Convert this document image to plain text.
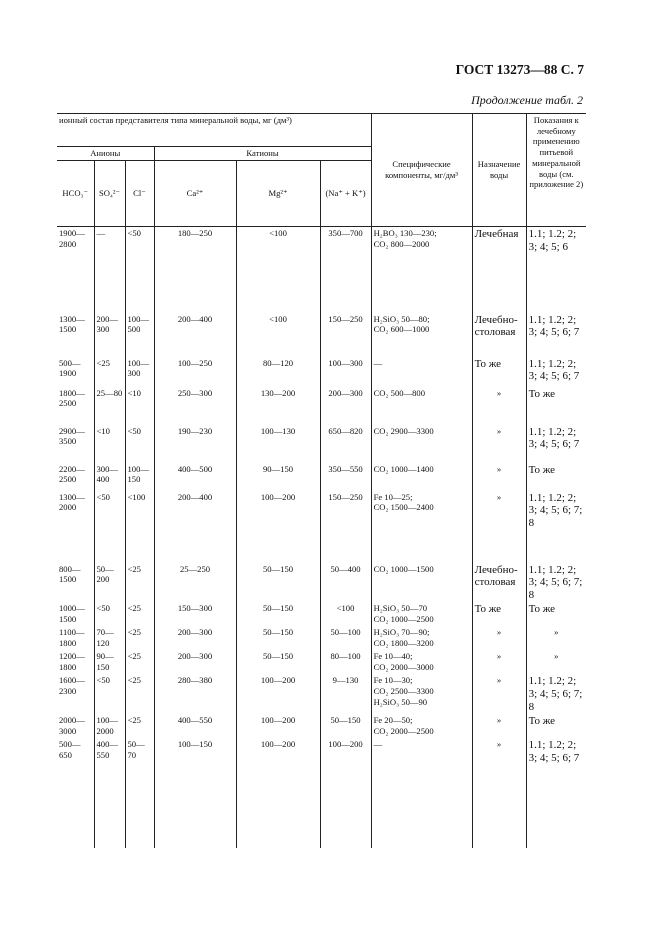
ГОСТ 13273—88 С. 7
Продолжение табл. 2
ионный состав представителя типа минеральной воды, мг (дм³)						Специфические компоненты, мг/дм³	Назначение воды	Показания к лечебному применению питьевой минеральной воды (см. приложение 2)
Анионы			Катионы					
HCO₃⁻	SO₄²⁻	Cl⁻	Ca²⁺	Mg²⁺	(Na⁺ + K⁺)			
1900—2800	—	<50	180—250	<100	350—700	H₂BO₃ 130—230;
CO₂ 800—2000	Лечебная	1.1; 1.2; 2; 3; 4; 5; 6
1300—1500	200—300	100—500	200—400	<100	150—250	H₂SiO₃ 50—80;
CO₂ 600—1000	Лечебно-столовая	1.1; 1.2; 2; 3; 4; 5; 6; 7
500—1900	<25	100—300	100—250	80—120	100—300	—	То же	1.1; 1.2; 2; 3; 4; 5; 6; 7
1800—2500	25—80	<10	250—300	130—200	200—300	CO₂ 500—800	»	То же
2900—3500	<10	<50	190—230	100—130	650—820	CO₂ 2900—3300	»	1.1; 1.2; 2; 3; 4; 5; 6; 7
2200—2500	300—400	100—150	400—500	90—150	350—550	CO₂ 1000—1400	»	То же
1300—2000	<50	<100	200—400	100—200	150—250	Fe 10—25;
CO₂ 1500—2400	»	1.1; 1.2; 2; 3; 4; 5; 6; 7; 8
800—1500	50—200	<25	25—250	50—150	50—400	CO₂ 1000—1500	Лечебно-столовая	1.1; 1.2; 2; 3; 4; 5; 6; 7; 8
1000—1500	<50	<25	150—300	50—150	<100	H₂SiO₃ 50—70
CO₂ 1000—2500	То же	То же
1100—1800	70—120	<25	200—300	50—150	50—100	H₂SiO₃ 70—90;
CO₂ 1800—3200	»	»
1200—1800	90—150	<25	200—300	50—150	80—100	Fe 10—40;
CO₂ 2000—3000	»	»
1600—2300	<50	<25	280—380	100—200	9—130	Fe 10—30;
CO₂ 2500—3300
H₂SiO₃ 50—90	»	1.1; 1.2; 2; 3; 4; 5; 6; 7; 8
2000—3000	100—2000	<25	400—550	100—200	50—150	Fe 20—50;
CO₂ 2000—2500	»	То же
500—650	400—550	50—70	100—150	100—200	100—200	—	»	1.1; 1.2; 2; 3; 4; 5; 6; 7
